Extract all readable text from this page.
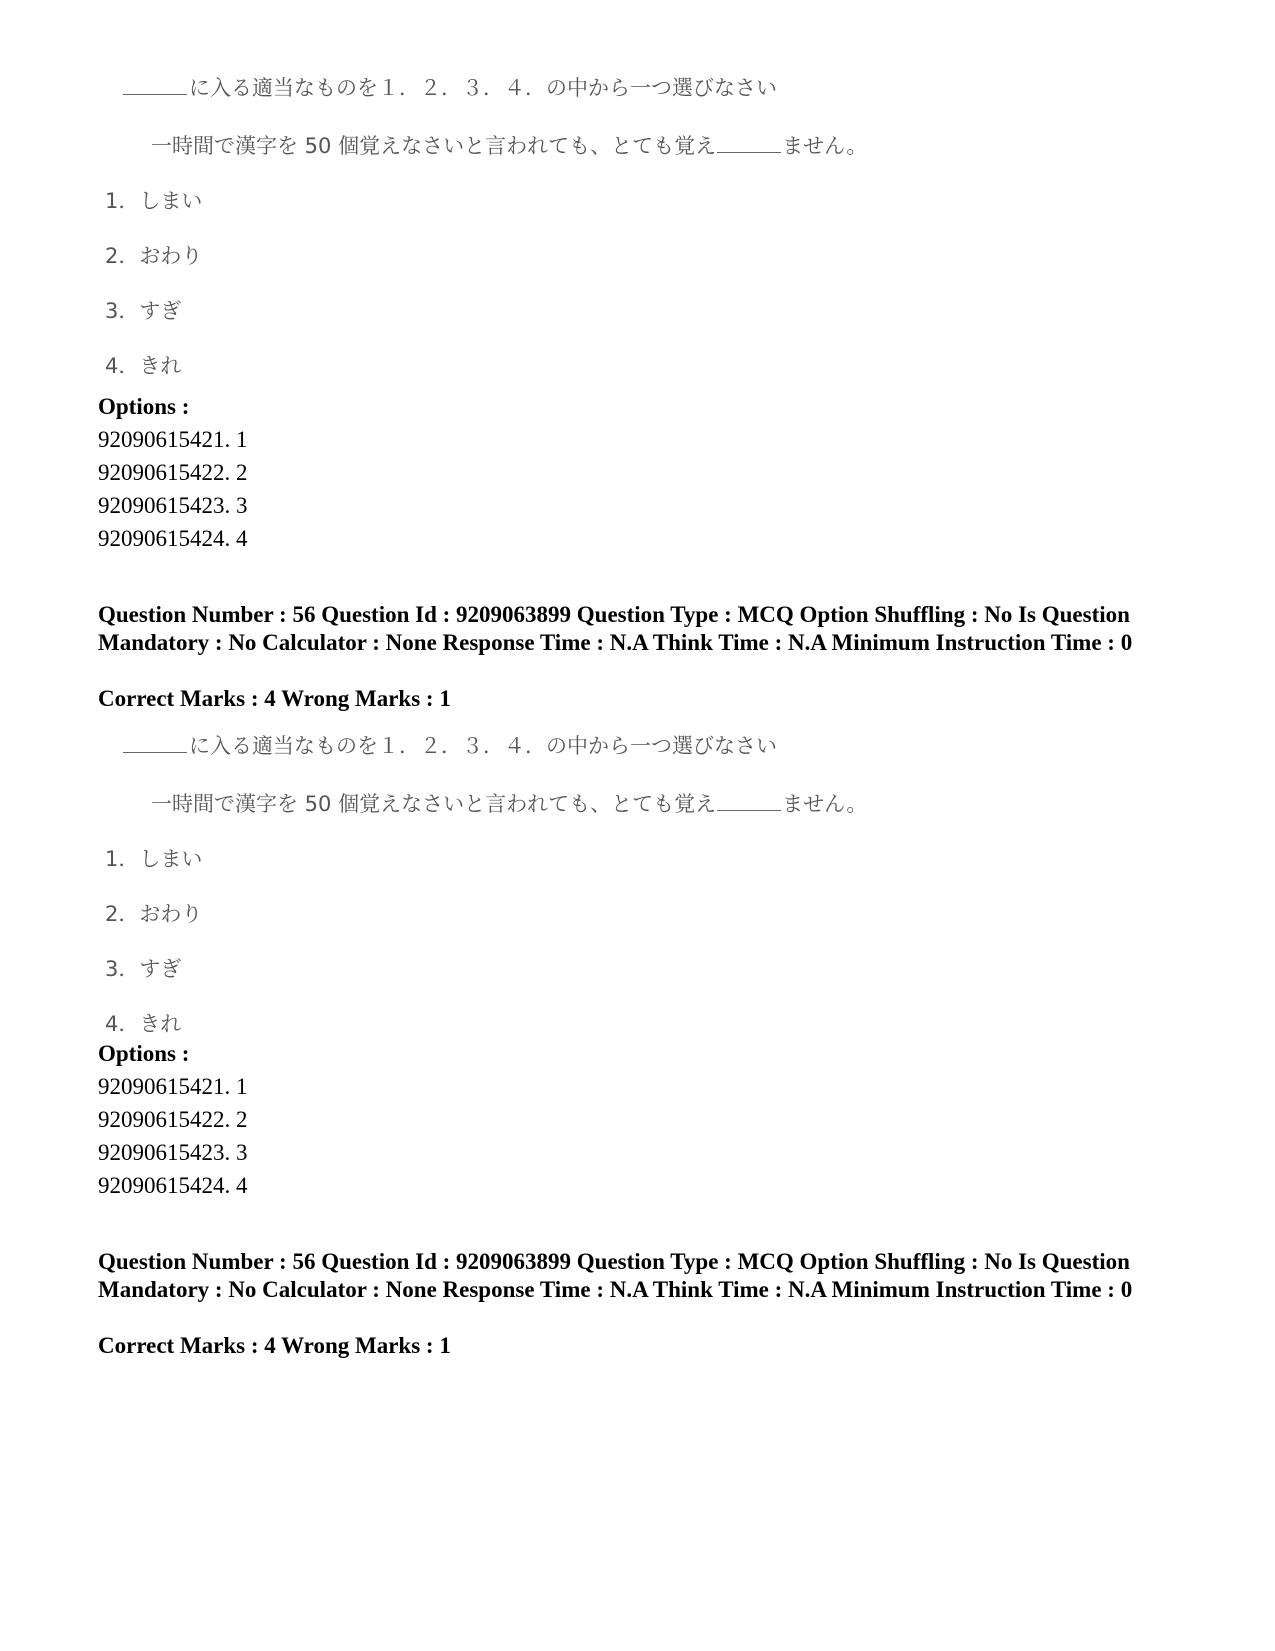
に入る適当なものを１．２．３．４．の中から一つ選びなさい
一時間で漢字を 50 個覚えなさいと言われても、とても覚え	ません。
1．しまい
2．おわり
3．すぎ
4．きれ
Options :
92090615421. 1
92090615422. 2
92090615423. 3
92090615424. 4
Question Number : 56 Question Id : 9209063899 Question Type : MCQ Option Shuffling : No Is Question Mandatory : No Calculator : None Response Time : N.A Think Time : N.A Minimum Instruction Time : 0
Correct Marks : 4 Wrong Marks : 1
に入る適当なものを１．２．３．４．の中から一つ選びなさい
一時間で漢字を 50 個覚えなさいと言われても、とても覚え	ません。
1．しまい
2．おわり
3．すぎ
4．きれ
Options :
92090615421. 1
92090615422. 2
92090615423. 3
92090615424. 4
Question Number : 56 Question Id : 9209063899 Question Type : MCQ Option Shuffling : No Is Question Mandatory : No Calculator : None Response Time : N.A Think Time : N.A Minimum Instruction Time : 0
Correct Marks : 4 Wrong Marks : 1
